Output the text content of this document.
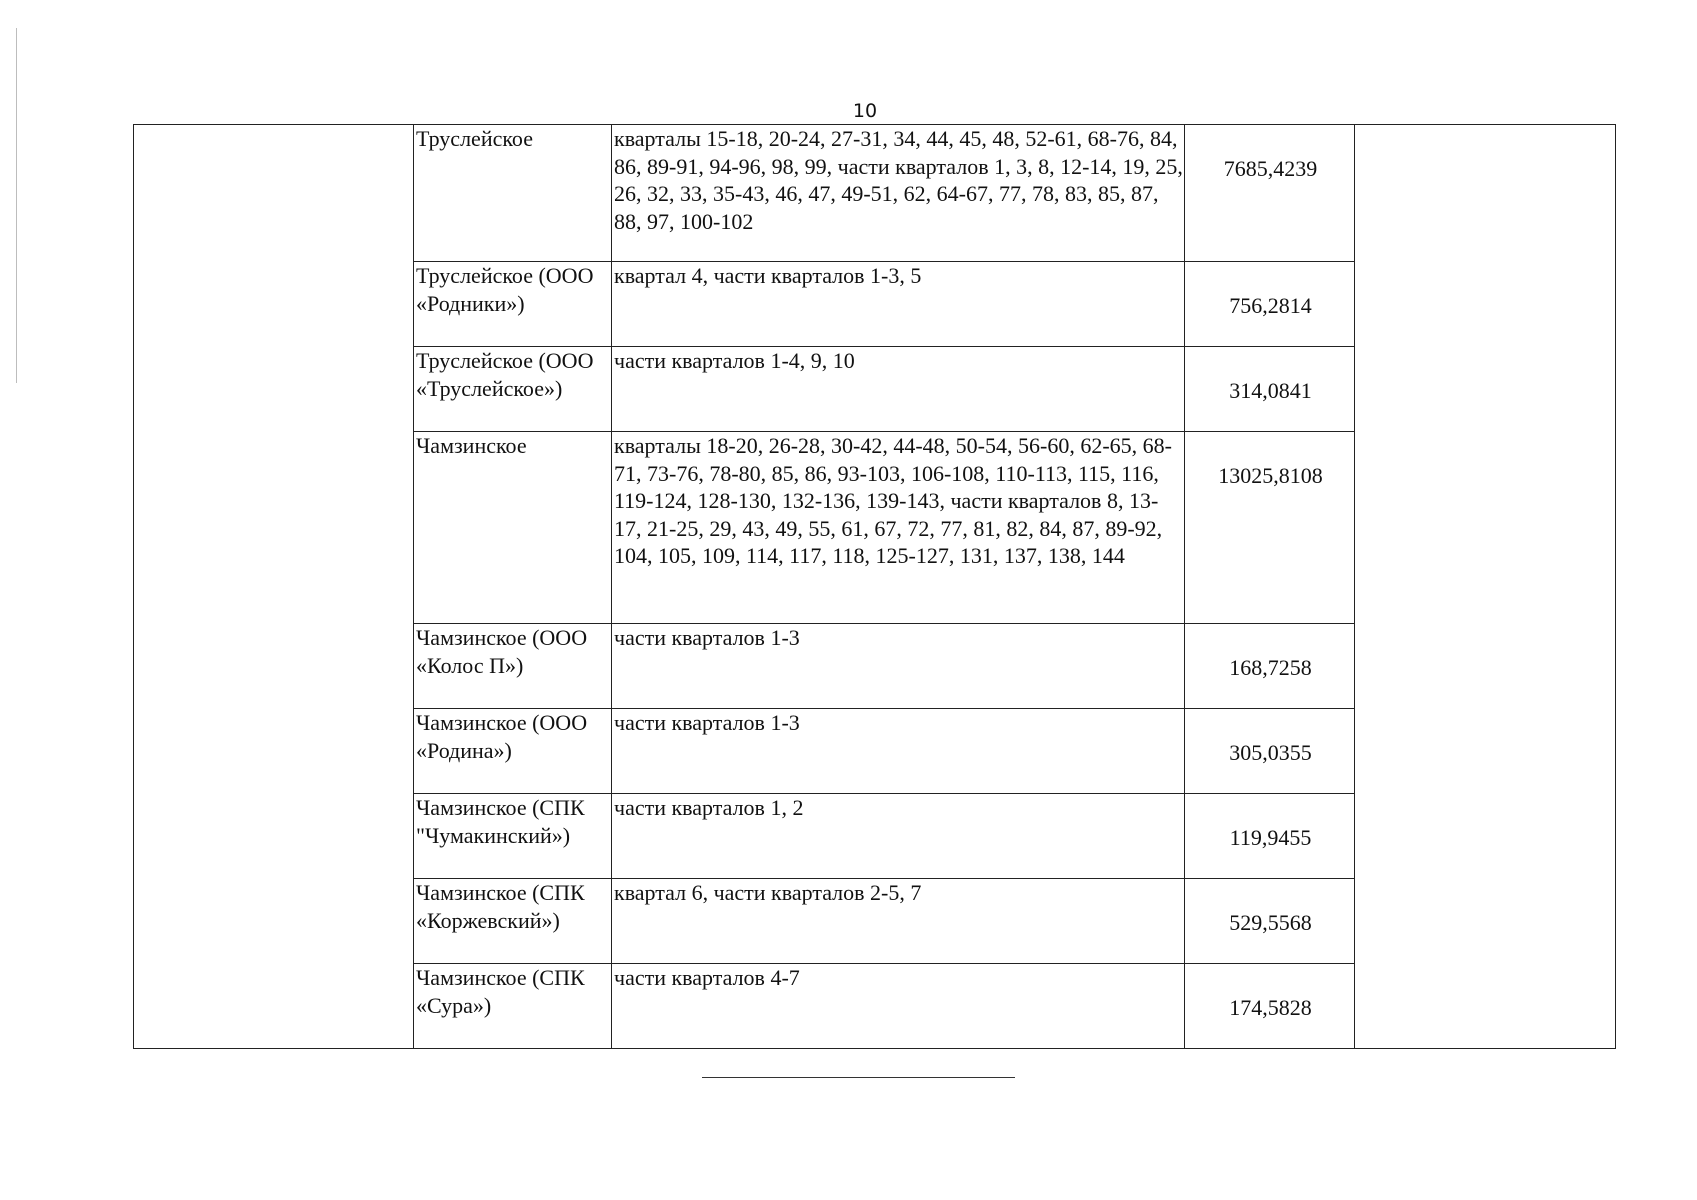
10
	Труслейское	кварталы 15-18, 20-24, 27-31, 34, 44, 45, 48, 52-61, 68-76, 84, 86, 89-91, 94-96, 98, 99, части кварталов 1, 3, 8, 12-14, 19, 25, 26, 32, 33, 35-43, 46, 47, 49-51, 62, 64-67, 77, 78, 83, 85, 87, 88, 97, 100-102	7685,4239	
	Труслейское (ООО «Родники»)	квартал 4, части кварталов 1-3, 5	756,2814	
	Труслейское (ООО «Труслейское»)	части кварталов 1-4, 9, 10	314,0841	
	Чамзинское	кварталы 18-20, 26-28, 30-42, 44-48, 50-54, 56-60, 62-65, 68-71, 73-76, 78-80, 85, 86, 93-103, 106-108, 110-113, 115, 116, 119-124, 128-130, 132-136, 139-143, части кварталов 8, 13-17, 21-25, 29, 43, 49, 55, 61, 67, 72, 77, 81, 82, 84, 87, 89-92, 104, 105, 109, 114, 117, 118, 125-127, 131, 137, 138, 144	13025,8108	
	Чамзинское (ООО «Колос П»)	части кварталов 1-3	168,7258	
	Чамзинское (ООО «Родина»)	части кварталов 1-3	305,0355	
	Чамзинское (СПК "Чумакинский»)	части кварталов 1, 2	119,9455	
	Чамзинское (СПК «Коржевский»)	квартал 6, части кварталов 2-5, 7	529,5568	
	Чамзинское (СПК «Сура»)	части кварталов 4-7	174,5828	
